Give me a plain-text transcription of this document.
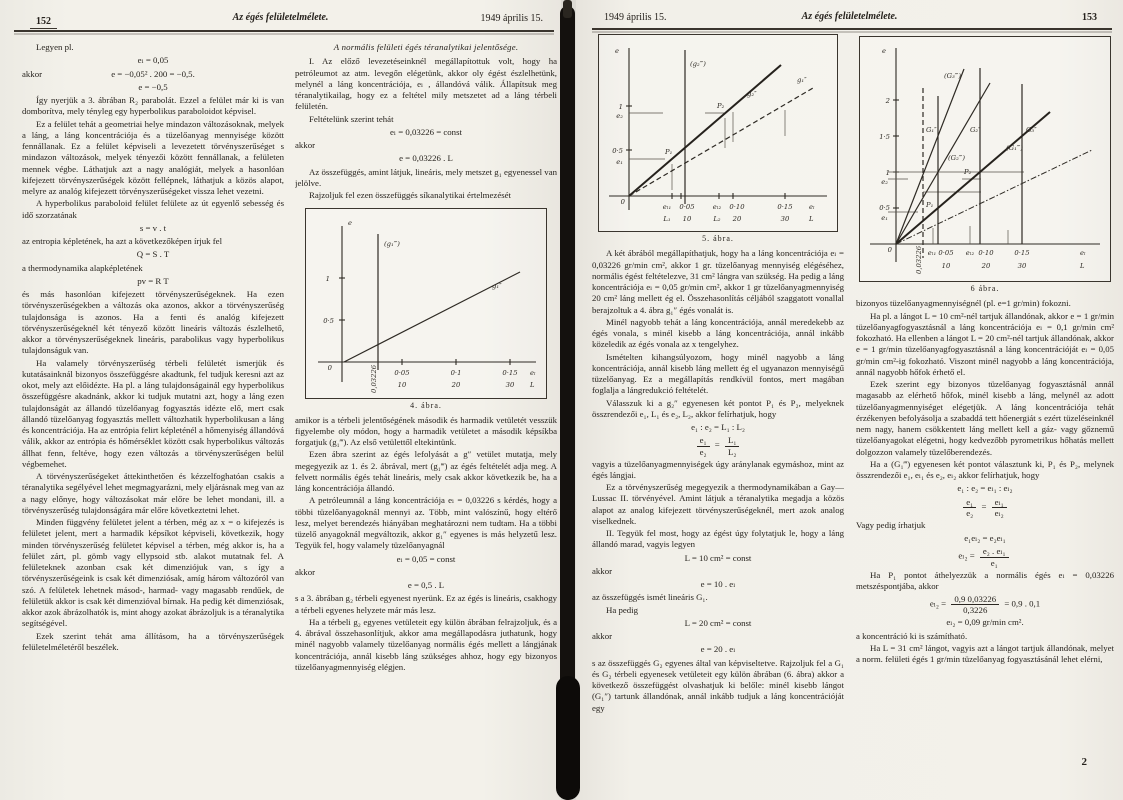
152	Az égés felületelmélete.	1949 április 15.

Legyen pl.

eₗ = 0,05

akkor	e = −0,05² . 200 = −0,5.

e = −0,5

Így nyerjük a 3. ábrában R₂ parabolát. Ezzel a felület már ki is van domborítva, mely tényleg egy hyperbolikus paraboloidot képvisel.

Ez a felület tehát a geometriai helye mindazon változásoknak, melyek a láng, a láng koncentrációja és a tüzelőanyag mennyisége között fennállanak. Ez a felület képviseli a levezetett törvényszerűséget s mindazon változások, melyek tényezői között fennállanak, a felületen mennek végbe. Láthatjuk azt a nagy analógiát, melyek a hasonlóan kifejezett törvényszerűségek között fellépnek, láthatjuk a közös alapot, melyre az analóg kifejezett törvényszerűségeket vissza lehet vezetni.

A hyperbolikus paraboloid felület felülete az út egyenlő sebesség és idő szorzatának

s = v . t

az entropia képletének, ha azt a következőképen írjuk fel

Q = S . T

a thermodynamika alapképletének

pv = R T

és más hasonlóan kifejezett törvényszerűségeknek. Ha ezen törvényszerűségekben a változás oka azonos, akkor a törvényszerűség tulajdonsága is azonos. Ha a fenti és analóg kifejezett törvényszerűségeknél két tényező között lineáris változás észlelhető, akkor a törvényszerűségeknek lineáris, parabolikus vagy hyperbolikus tulajdonságuk van.

Ha valamely törvényszerűség térbeli felületét ismerjük és kutatásainknál bizonyos összefüggésre akadtunk, fel tudjuk keresni azt az okot, mely azt előidézte. Ha pl. a láng tulajdonságainál egy hyperbolikus összefüggésre akadnánk, akkor ki tudjuk mutatni azt, hogy a láng ezen tulajdonságát az állandó tüzelőanyag fogyasztás idézte elő, mert csak állandó tüzelőanyag fogyasztás mellett változhatik hyperbolikusan a láng és koncentrációja. Ha az entrópia felirt képleténél a hőmenyiség állandóvá válik, akkor az entrópia és hőmérséklet között csak hyperbolikus változás állhat fenn, feltéve, hogy ezen változás a törvényszerűségen belül végbemehet.

A törvényszerűségeket áttekinthetően és kézzelfoghatóan csakis a téranalytika segélyével lehet megmagyarázni, mely eljárásnak meg van az a nagy előnye, hogy változásokat már előre be lehet mondani, ill. a törvényszerűség tulajdonságára már előre következtetni lehet.

Minden függvény felületet jelent a térben, még az x = o kifejezés is felületet jelent, mert a harmadik képsíkot képviseli, következik, hogy minden törvényszerűség felületet képvisel a térben, még akkor is, ha a felület zárt, pl. gömb vagy ellypsoid stb. alakot mutatnak fel. A felületeknek azonban csak két dimenziójuk van, s így a törvényszerűségeink is csak két dimenziósak, amíg három változóról van szó. A felületek lehetnek másod-, harmad- vagy magasabb rendűek, de felületük akkor is csak két dimenzióval bírnak. Ha pedig két dimenziósak, akkor azok ábrázolhatók is, mint ahogy azokat ábrázoljuk is a téranalytika segítségével.

Ezek szerint tehát ama állításom, ha a törvényszerűségek felületelméletéről beszélek.

A normális felületi égés téranalytikai jelentősége.

I. Az előző levezetéseinknél megállapítottuk volt, hogy ha petróleumot az atm. levegőn elégetünk, akkor oly égést észlelhetünk, melynél a láng koncentrációja, eₗ , állandóvá válik. Állapítsuk meg téranalytikailag, hogy ez a feltétel mily metszetet ad a láng térbeli felületén.

Feltételünk szerint tehát

eₗ = 0,03226 = const

akkor

e = 0,03226 . L

Az összefüggés, amint látjuk, lineáris, mely metszet g₁ egyenessel van jelölve.

Rajzoljuk fel ezen összefüggés síkanalytikai értelmezését

e
1
0·5
0
(g₁‴)
g₁″
0,03226 0·05	0·1	0·15 eₗ
10	20	30 L
4. ábra.

amikor is a térbeli jelentőségének második és harmadik vetületét vesszük figyelembe oly módon, hogy a harmadik vetületet a második képsíkba forgatjuk (g₁‴). Az első vetülettől eltekintünk.

Ezen ábra szerint az égés lefolyását a g″ vetület mutatja, mely megegyezik az 1. és 2. ábrával, mert (g₁‴) az égés feltételét adja meg. A felvett normális égés tehát lineáris, mely csak akkor következik be, ha a láng koncentrációja állandó.

A petróleumnál a láng koncentrációja eₗ = 0,03226 s kérdés, hogy a többi tüzelőanyagoknál mennyi az. Több, mint valószínű, hogy eltérő lesz, melyet berendezés hiányában meghatározni nem tudtam. Ha a többi tüzelő anyagoknál megváltozik, akkor g₁″ egyenes is más helyzetű lesz. Tegyük fel, hogy valamely tüzelőanyagnál

eₗ = 0,05 = const

akkor

e = 0,5 . L

s a 3. ábrában g₂ térbeli egyenest nyerünk. Ez az égés is lineáris, csakhogy a térbeli egyenes helyzete már más lesz.

Ha a térbeli g₂ egyenes vetületeit egy külön ábrában felrajzoljuk, és a 4. ábrával összehasonlítjuk, akkor ama megállapodásra juthatunk, hogy minél nagyobb valamely tüzelőanyag normális égés mellett a lángjának koncentrációja, annál kisebb láng szükséges ahhoz, hogy egy bizonyos tüzelőanyagmennyiség elégjen.

1949 április 15.	Az égés felületelmélete.	153
e
1
e₂
0·5
e₁
0
(g₂‴)
g₂″
g₁″
P₁
P₂
eₗ₁ 0·05	eₗ₂ 0·10	0·15 eₗ
L₁ 10	L₂ 20	30	L
5. ábra.

A két ábrából megállapíthatjuk, hogy ha a láng koncentrációja eₗ = 0,03226 gr/min cm², akkor 1 gr. tüzelőanyag mennyiség elégéséhez, normális égést feltételezve, 31 cm² lángra van szükség. Ha pedig a láng koncentrációja eₗ = 0,05 gr/min cm², akkor 1 gr tüzelőanyagmennyiség 20 cm² láng mellett ég el. Összehasonlítás céljából szaggatott vonallal berajzoltuk a 4. ábra g₁″ égés vonalát is.

Minél nagyobb tehát a láng koncentrációja, annál meredekebb az égés vonala, s minél kisebb a láng koncentrációja, annál inkább közeledik az égés vonala az x tengelyhez.

Ismételten kihangsúlyozom, hogy minél nagyobb a láng koncentrációja, annál kisebb láng mellett ég el ugyanazon mennyiségű tüzelőanyag. Ez a megállapítás rendkívül fontos, mert magában foglalja a lángredukció feltételét.

Válasszuk ki a g₂″ egyenesen két pontot P₁ és P₂, melyeknek összrendezői e₁, L₁ és e₂, L₂, akkor felírhatjuk, hogy

e₁ : e₂ = L₁ : L₂

$\frac{\text{e₁}}{\text{e₂}} = \frac{\text{L₁}}{\text{L₂}}$

vagyis a tüzelőanyagmennyiségek úgy aránylanak egymáshoz, mint az égés lángjai.

Ez a törvényszerűség megegyezik a thermodynamikában a Gay—Lussac II. törvényével. Amint látjuk a téranalytika megadja a közös alapot az analog kifejezett törvényszerűségeknél, mert azok analog viselkednek.

II. Tegyük fel most, hogy az égést úgy folytatjuk le, hogy a láng állandó marad, vagyis legyen

L = 10 cm² = const

akkor

e = 10 . eₗ

az összefüggés ismét lineáris G₁.

Ha pedig

L = 20 cm² = const

akkor

e = 20 . eₗ

s az összefüggés G₂ egyenes által van képviseltetve. Rajzoljuk fel a G₁ és G₂ térbeli egyenesek vetületeit egy külön ábrában (6. ábra) akkor a következő összefüggést olvashatjuk ki belőle: minél kisebb lángot (G₁″) tartunk állandónak, annál inkább tudjuk a láng koncentrációját egy

e
2
1·5
1
e₂
0·5
e₁
0
(G₃‴)
G₁″
(G₂‴)
G₂″
(G₁‴)
G₃″
P₁
P₂
0,03226 eₗ₁ 0·05 eₗ₂ 0·10	0·15	eₗ
10	20	30	L
6 ábra.

bizonyos tüzelőanyagmennyiségnél (pl. e=1 gr/min) fokozni.

Ha pl. a lángot L = 10 cm²-nél tartjuk állandónak, akkor e = 1 gr/min tüzelőanyagfogyasztásnál a láng koncentrációja eₗ = 0,1 gr/min cm² fokozható. Ha ellenben a lángot L = 20 cm²-nél tartjuk állandónak, akkor e = 1 gr/min tüzelőanyagfogyasztásnál a láng koncentrációját eₗ = 0,05 gr/min cm²-ig fokozható. Viszont minél nagyobb a láng koncentrációja, annál nagyobb hőfok érhető el.

Ezek szerint egy bizonyos tüzelőanyag fogyasztásnál annál magasabb az elérhető hőfok, minél kisebb a láng, melynél az adott tüzelőanyagmennyiséget elégetjük. A láng koncentrációja tehát érzékenyen befolyásolja a szabaddá tett hőenergiát s ezért tüzeléseinknél nem nagy, hanem csökkentett láng mellett kell a gáz- vagy gőznemű tüzelőanyagokat elégetni, hogy kedvezőbb pyrometrikus hőhatás mellett dolgozzon valamely tüzelőberendezés.

Ha a (G₁‴) egyenesen két pontot választunk ki, P₁ és P₂, melynek összrendezői e₁, eₗ₁ és e₂, eₗ₂ akkor felírhatjuk, hogy

e₁ : e₂ = eₗ₁ : eₗ₂

$\frac{\text{e₁}}{\text{e₂}} = \frac{\text{eₗ₁}}{\text{eₗ₂}}$

Vagy pedig írhatjuk

e₁eₗ₂ = e₂eₗ₁

$e_{l2} = \frac{\text{e₂ . eₗ₁}}{\text{e₁}}$

Ha P₁ pontot áthelyezzük a normális égés eₗ = 0,03226 metszéspontjába, akkor

$e_{l2} = \frac{0,9 0,03226}{0,3226} = 0,9$ . 0,1

eₗ₂ = 0,09 gr/min cm².

a koncentráció ki is számítható.

Ha L = 31 cm² lángot, vagyis azt a lángot tartjuk állandónak, melyet a norm. felületi égés 1 gr/min tüzelőanyag fogyasztásánál lehet elérni,

2
